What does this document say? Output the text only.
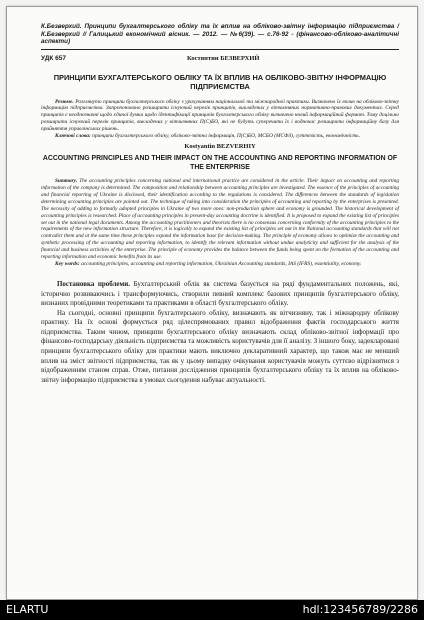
К.Безверхий. Принципи бухгалтерського обліку та їх вплив на обліково-звітну інформацію підприємства / К.Безверхий // Галицький економічний вісник. — 2012. — №6(39). — с.76-92 - (фінансово-обліково-аналітичні аспекти)
УДК 657	Костянтин БЕЗВЕРХИЙ
ПРИНЦИПИ БУХГАЛТЕРСЬКОГО ОБЛІКУ ТА ЇХ ВПЛИВ НА ОБЛІКОВО-ЗВІТНУ ІНФОРМАЦІЮ ПІДПРИЄМСТВА
Резюме. Розглянуто принципи бухгалтерського обліку з урахуванням національної та міжнародної практики. Визначено їх вплив на обліково-звітну інформацію підприємства. Запропоновано розширити існуючий перелік принципів, викладених у вітчизняних нормативно-правових документах. Серед принципів є неоднозначні щодо єдиної думки щодо ідентифікації принципів бухгалтерського обліку визначено новий інформаційний формат. Тому доцільно розширити існуючий перелік принципів, викладених у вітчизняних П(С)БО, які не будуть суперечити їх і водночас розширити інформаційну базу для прийняття управлінських рішень.
Ключові слова: принципи бухгалтерського обліку, обліково-звітна інформація, П(С)БО, МСБО (МСФЗ), суттєвість, економічність.
Kostyantin BEZVERHIY
ACCOUNTING PRINCIPLES AND THEIR IMPACT ON THE ACCOUNTING AND REPORTING INFORMATION OF THE ENTERPRISE
Summary. The accounting principles concerning national and international practice are considered in the article. Their impact on accounting and reporting information of the company is determined. The composition and relationship between accounting principles are investigated. The essence of the principles of accounting and financial reporting of Ukraine is disclosed, their identification according to the regulations is considered. The differences between the standards of legislation determining accounting principles are pointed out. The technique of taking into consideration the principles of accounting and reporting by the enterprises is presented. The necessity of adding to formally adopted principles in Ukraine of two more ones: non-production sphere and economy is grounded. The historical development of accounting principles is researched. Place of accounting principles in present-day accounting doctrine is identified. It is proposed to expand the existing list of principles set out in the national legal documents. Among the accounting practitioners and theorists there is no consensus concerning conformity of the accounting principles to the requirements of the new information structure. Therefore, it is logically to expand the existing list of principles set out in the National accounting standards that will not contradict them and at the same time these principles expand the information base for decision-making. The principle of economy allows to optimize the accounting and synthetic processing of the accounting and reporting information, to identify the relevant information without undue analyticity and sufficient for the analysis of the financial and business activities of the enterprise. The principle of economy provides the balance between the funds being spent on the formation of the accounting and reporting information and economic benefits from its use.
Key words: accounting principles, accounting and reporting information, Ukrainian Accounting standards, IAS (IFRS), essentiality, economy.
Постановка проблеми. Бухгалтерський облік як система базується на ряді фундаментальних положень, які, історично розвиваючись і трансформуючись, створили певний комплекс базових принципів бухгалтерського обліку, визнаних провідними теоретиками та практиками в області бухгалтерського обліку.
На сьогодні, основні принципи бухгалтерського обліку, визначають як вітчизняну, так і міжнародну облікову практику. На їх основі формується ряд цілеспрямованих правил відображення фактів господарського життя підприємства. Таким чином, принципи бухгалтерського обліку визначають склад обліково-звітної інформації про фінансово-господарську діяльність підприємства та можливість користувачів для її аналізу. З іншого боку, задекларовані принципи бухгалтерського обліку для практики мають виключно декларативний характер, що також має не менший вплив на зміст звітності підприємства, так як у цьому випадку очікування користувачів можуть суттєво відрізнятися з відображенням станом справ. Отже, питання дослідження принципів бухгалтерського обліку та їх вплив на обліково-звітну інформацію підприємства в умовах сьогодення набуває актуальності.
ELARTU	hdl:123456789/2286
